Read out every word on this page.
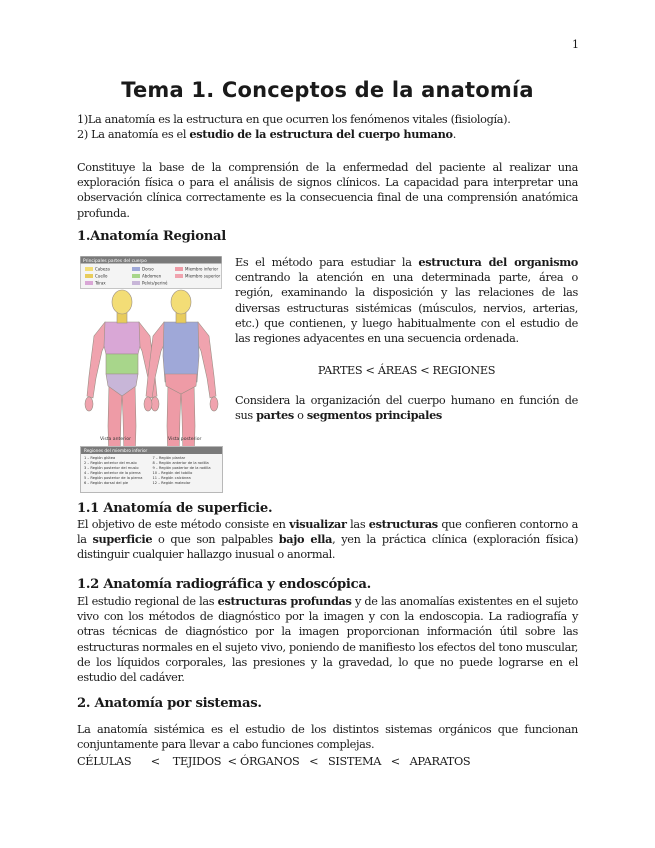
1
Tema 1. Conceptos de la anatomía

1)La anatomía es la estructura en que ocurren los fenómenos vitales (fisiología).

2) La anatomía es el estudio de la estructura del cuerpo humano.

Constituye la base de la comprensión de la enfermedad del paciente al realizar una exploración física o para el análisis de signos clínicos. La capacidad para interpretar una observación clínica correctamente es la consecuencia final de una comprensión anatómica profunda.

1.Anatomía Regional
Principales partes del cuerpo
Cabeza	Dorso	Miembro inferior
Cuello	Abdomen	Miembro superior
Tórax	Pelvis/periné
Vista anterior	Vista posterior
Regiones del miembro inferior
1 – Región glútea	7 – Región plantar
2 – Región anterior del muslo	8 – Región anterior de la rodilla
3 – Región posterior del muslo	9 – Región posterior de la rodilla
4 – Región anterior de la pierna	10 – Región del tobillo
5 – Región posterior de la pierna	11 – Región calcánea
6 – Región dorsal del pie	12 – Región maleolar

Es el método para estudiar la estructura del organismo centrando la atención en una determinada parte, área o región, examinando la disposición y las relaciones de las diversas estructuras sistémicas (músculos, nervios, arterias, etc.) que contienen, y luego habitualmente con el estudio de las regiones adyacentes en una secuencia ordenada.

PARTES < ÁREAS < REGIONES

Considera la organización del cuerpo humano en función de sus partes o segmentos principales

1.1 Anatomía de superficie.

El objetivo de este método consiste en visualizar las estructuras que confieren contorno a la superficie o que son palpables bajo ella, yen la práctica clínica (exploración física) distinguir cualquier hallazgo inusual o anormal.

1.2 Anatomía radiográfica y endoscópica.

El estudio regional de las estructuras profundas y de las anomalías existentes en el sujeto vivo con los métodos de diagnóstico por la imagen y con la endoscopia. La radiografía y otras técnicas de diagnóstico por la imagen proporcionan información útil sobre las estructuras normales en el sujeto vivo, poniendo de manifiesto los efectos del tono muscular, de los líquidos corporales, las presiones y la gravedad, lo que no puede lograrse en el estudio del cadáver.

2. Anatomía por sistemas.

La anatomía sistémica es el estudio de los distintos sistemas orgánicos que funcionan conjuntamente para llevar a cabo funciones complejas.

CÉLULAS < TEJIDOS < ÓRGANOS < SISTEMA < APARATOS
